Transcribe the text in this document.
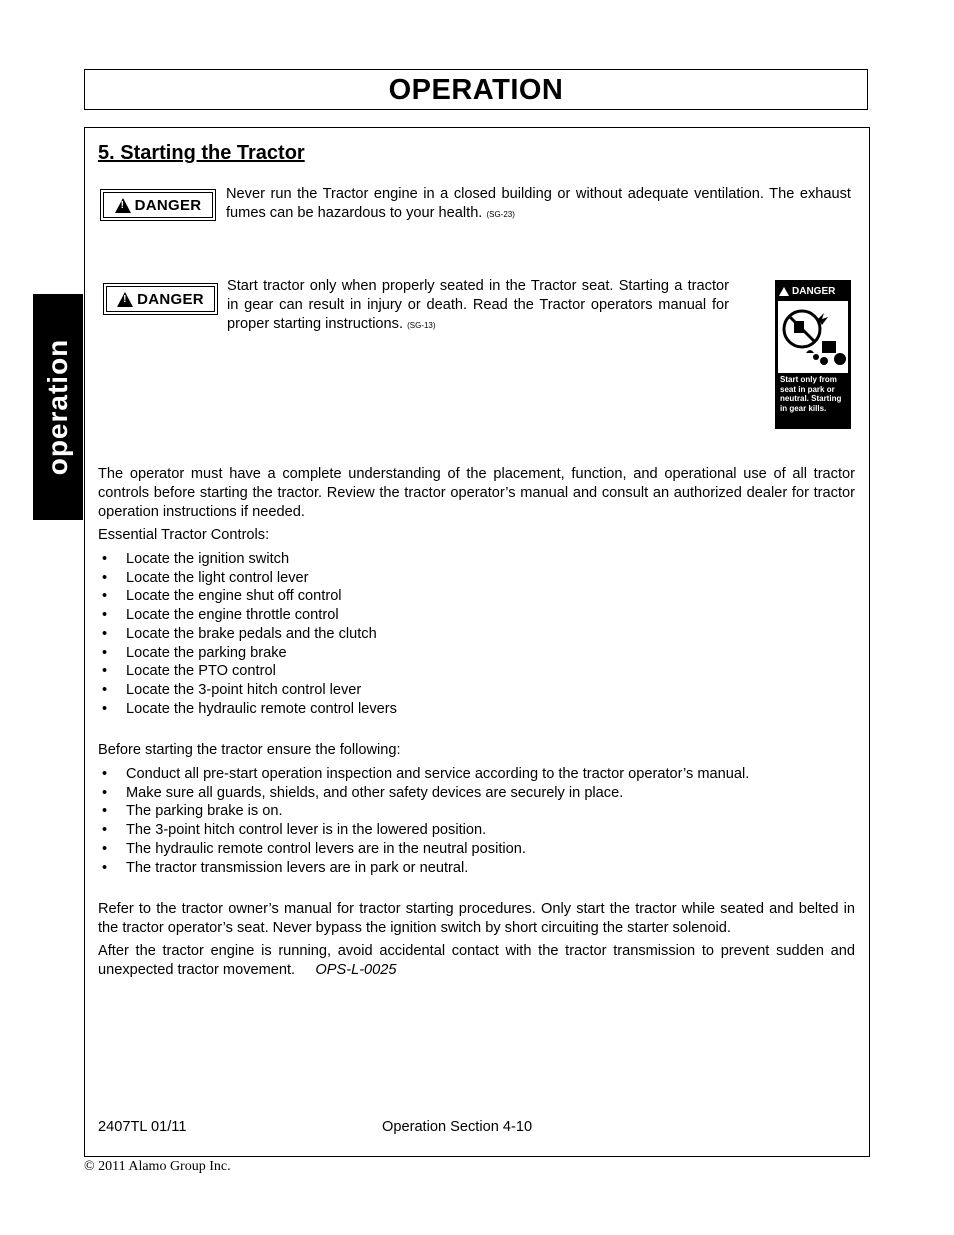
OPERATION
operation
5. Starting the Tractor
!
DANGER
Never run the Tractor engine in a closed building or without adequate ventilation. The exhaust fumes can be hazardous to your health. (SG-23)
!
DANGER
Start tractor only when properly seated in the Tractor seat. Starting a tractor in gear can result in injury or death. Read the Tractor operators manual for proper starting instructions. (SG-13)
DANGER
Start only from seat in park or neutral. Starting in gear kills.
The operator must have a complete understanding of the placement, function, and operational use of all tractor controls before starting the tractor. Review the tractor operator’s manual and consult an authorized dealer for tractor operation instructions if needed.
Essential Tractor Controls:
• Locate the ignition switch
• Locate the light control lever
• Locate the engine shut off control
• Locate the engine throttle control
• Locate the brake pedals and the clutch
• Locate the parking brake
• Locate the PTO control
• Locate the 3-point hitch control lever
• Locate the hydraulic remote control levers
Before starting the tractor ensure the following:
• Conduct all pre-start operation inspection and service according to the tractor operator’s manual.
• Make sure all guards, shields, and other safety devices are securely in place.
• The parking brake is on.
• The 3-point hitch control lever is in the lowered position.
• The hydraulic remote control levers are in the neutral position.
• The tractor transmission levers are in park or neutral.
Refer to the tractor owner’s manual for tractor starting procedures. Only start the tractor while seated and belted in the tractor operator’s seat. Never bypass the ignition switch by short circuiting the starter solenoid.
After the tractor engine is running, avoid accidental contact with the tractor transmission to prevent sudden and unexpected tractor movement. OPS-L-0025
2407TL 01/11	Operation Section 4-10
© 2011 Alamo Group Inc.
